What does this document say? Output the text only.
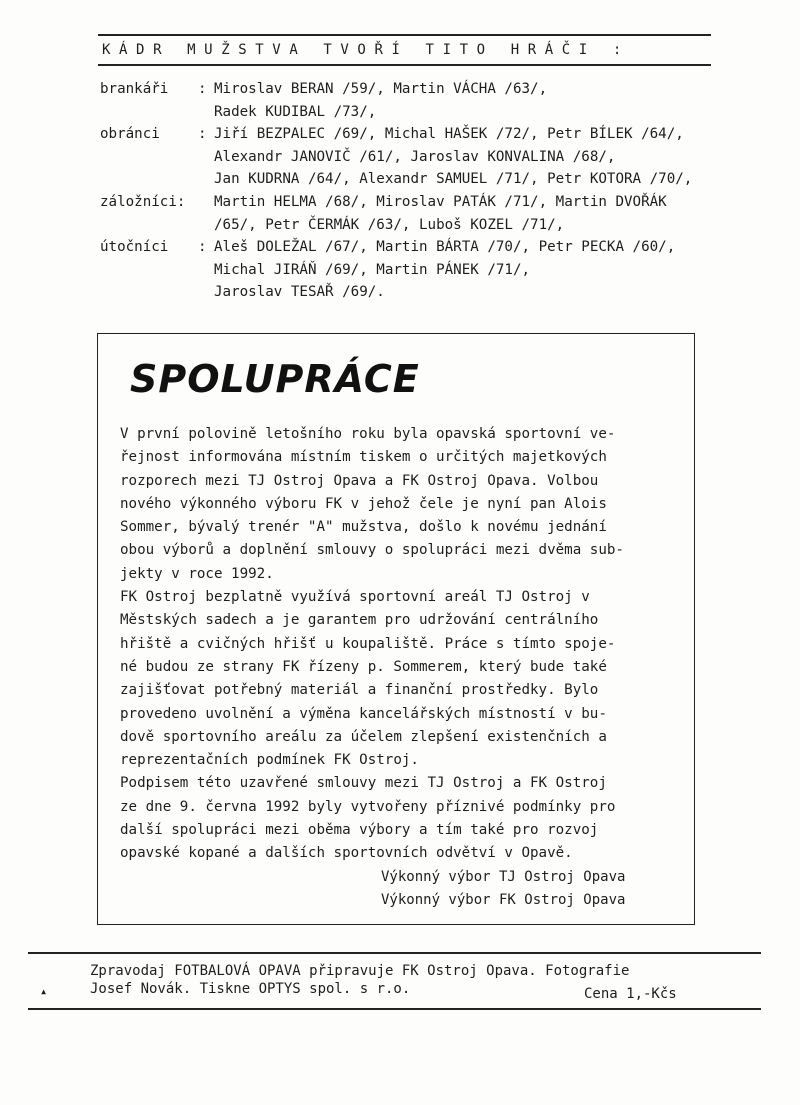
KÁDR MUŽSTVA TVOŘÍ TITO HRÁČI :
brankáři	: Miroslav BERAN /59/, Martin VÁCHA /63/,
Radek KUDIBAL /73/,
obránci	: Jiří BEZPALEC /69/, Michal HAŠEK /72/, Petr BÍLEK /64/,
Alexandr JANOVIČ /61/, Jaroslav KONVALINA /68/,
Jan KUDRNA /64/, Alexandr SAMUEL /71/, Petr KOTORA /70/,
záložníci:	Martin HELMA /68/, Miroslav PATÁK /71/, Martin DVOŘÁK
/65/, Petr ČERMÁK /63/, Luboš KOZEL /71/,
útočníci	: Aleš DOLEŽAL /67/, Martin BÁRTA /70/, Petr PECKA /60/,
Michal JIRÁŇ /69/, Martin PÁNEK /71/,
Jaroslav TESAŘ /69/.
SPOLUPRÁCE
V první polovině letošního roku byla opavská sportovní ve-
řejnost informována místním tiskem o určitých majetkových
rozporech mezi TJ Ostroj Opava a FK Ostroj Opava. Volbou
nového výkonného výboru FK v jehož čele je nyní pan Alois
Sommer, bývalý trenér "A" mužstva, došlo k novému jednání
obou výborů a doplnění smlouvy o spolupráci mezi dvěma sub-
jekty v roce 1992.
FK Ostroj bezplatně využívá sportovní areál TJ Ostroj v
Městských sadech a je garantem pro udržování centrálního
hřiště a cvičných hřišť u koupaliště. Práce s tímto spoje-
né budou ze strany FK řízeny p. Sommerem, který bude také
zajišťovat potřebný materiál a finanční prostředky. Bylo
provedeno uvolnění a výměna kancelářských místností v bu-
dově sportovního areálu za účelem zlepšení existenčních a
reprezentačních podmínek FK Ostroj.
Podpisem této uzavřené smlouvy mezi TJ Ostroj a FK Ostroj
ze dne 9. června 1992 byly vytvořeny příznivé podmínky pro
další spolupráci mezi oběma výbory a tím také pro rozvoj
opavské kopané a dalších sportovních odvětví v Opavě.
Výkonný výbor TJ Ostroj Opava
Výkonný výbor FK Ostroj Opava
Zpravodaj FOTBALOVÁ OPAVA připravuje FK Ostroj Opava. Fotografie
Josef Novák. Tiskne OPTYS spol. s r.o.	Cena 1,-Kčs
▴
